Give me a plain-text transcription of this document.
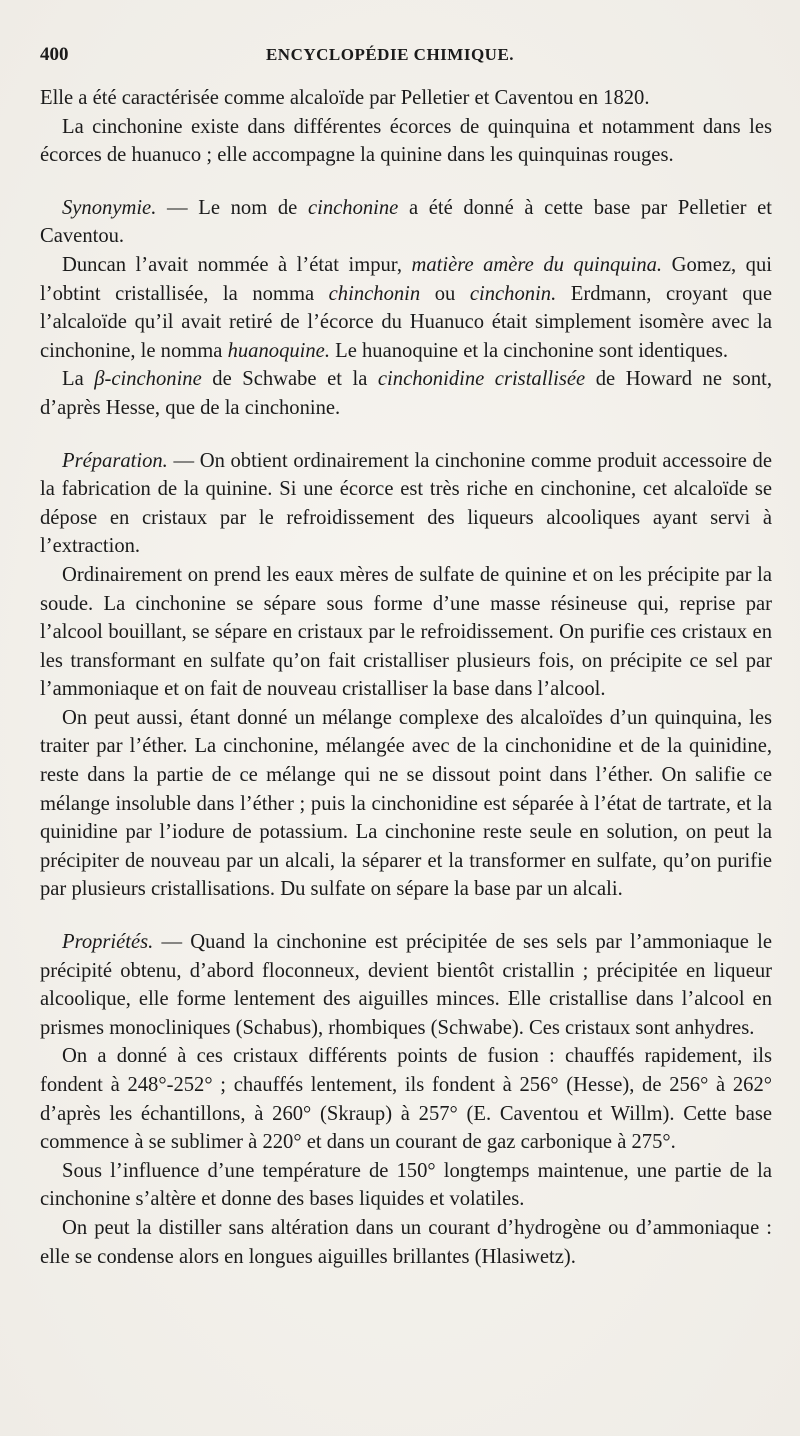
400	ENCYCLOPÉDIE CHIMIQUE.

Elle a été caractérisée comme alcaloïde par Pelletier et Caventou en 1820.

La cinchonine existe dans différentes écorces de quinquina et notamment dans les écorces de huanuco ; elle accompagne la quinine dans les quinquinas rouges.

Synonymie. — Le nom de cinchonine a été donné à cette base par Pelletier et Caventou.

Duncan l’avait nommée à l’état impur, matière amère du quinquina. Gomez, qui l’obtint cristallisée, la nomma chinchonin ou cinchonin. Erdmann, croyant que l’alcaloïde qu’il avait retiré de l’écorce du Huanuco était simplement isomère avec la cinchonine, le nomma huanoquine. Le huanoquine et la cinchonine sont identiques.

La β-cinchonine de Schwabe et la cinchonidine cristallisée de Howard ne sont, d’après Hesse, que de la cinchonine.

Préparation. — On obtient ordinairement la cinchonine comme produit accessoire de la fabrication de la quinine. Si une écorce est très riche en cinchonine, cet alcaloïde se dépose en cristaux par le refroidissement des liqueurs alcooliques ayant servi à l’extraction.

Ordinairement on prend les eaux mères de sulfate de quinine et on les précipite par la soude. La cinchonine se sépare sous forme d’une masse résineuse qui, reprise par l’alcool bouillant, se sépare en cristaux par le refroidissement. On purifie ces cristaux en les transformant en sulfate qu’on fait cristalliser plusieurs fois, on précipite ce sel par l’ammoniaque et on fait de nouveau cristalliser la base dans l’alcool.

On peut aussi, étant donné un mélange complexe des alcaloïdes d’un quinquina, les traiter par l’éther. La cinchonine, mélangée avec de la cinchonidine et de la quinidine, reste dans la partie de ce mélange qui ne se dissout point dans l’éther. On salifie ce mélange insoluble dans l’éther ; puis la cinchonidine est séparée à l’état de tartrate, et la quinidine par l’iodure de potassium. La cinchonine reste seule en solution, on peut la précipiter de nouveau par un alcali, la séparer et la transformer en sulfate, qu’on purifie par plusieurs cristallisations. Du sulfate on sépare la base par un alcali.

Propriétés. — Quand la cinchonine est précipitée de ses sels par l’ammoniaque le précipité obtenu, d’abord floconneux, devient bientôt cristallin ; précipitée en liqueur alcoolique, elle forme lentement des aiguilles minces. Elle cristallise dans l’alcool en prismes monocliniques (Schabus), rhombiques (Schwabe). Ces cristaux sont anhydres.

On a donné à ces cristaux différents points de fusion : chauffés rapidement, ils fondent à 248°-252° ; chauffés lentement, ils fondent à 256° (Hesse), de 256° à 262° d’après les échantillons, à 260° (Skraup) à 257° (E. Caventou et Willm). Cette base commence à se sublimer à 220° et dans un courant de gaz carbonique à 275°.

Sous l’influence d’une température de 150° longtemps maintenue, une partie de la cinchonine s’altère et donne des bases liquides et volatiles.

On peut la distiller sans altération dans un courant d’hydrogène ou d’ammoniaque : elle se condense alors en longues aiguilles brillantes (Hlasiwetz).
